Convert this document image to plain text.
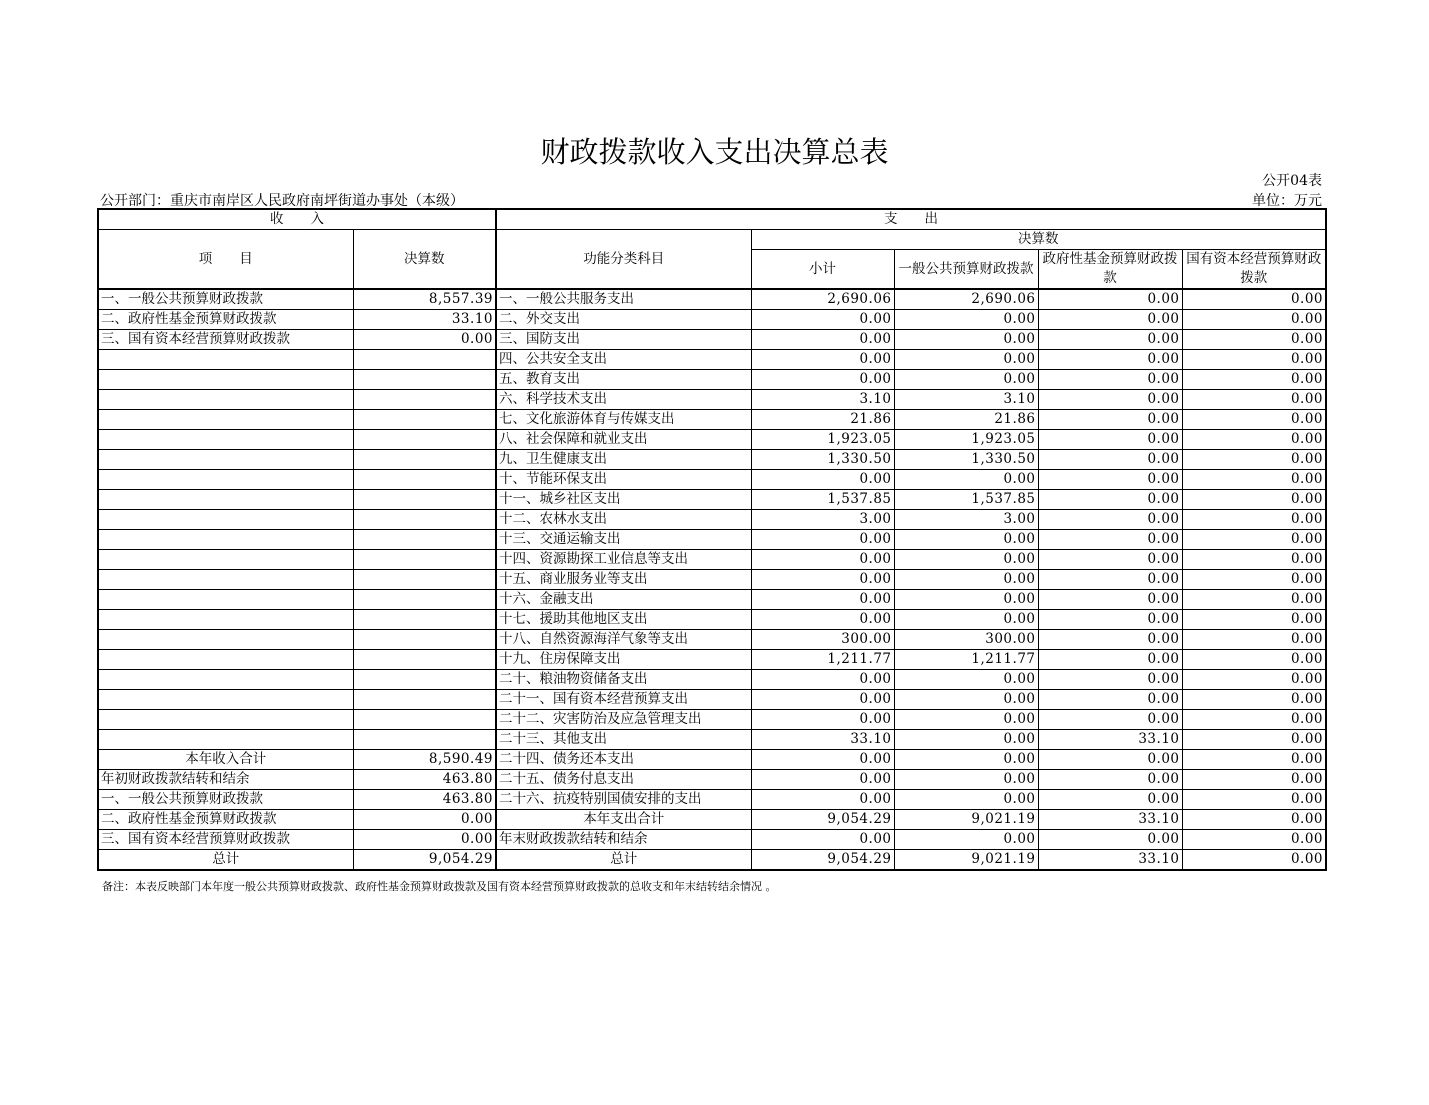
财政拨款收入支出决算总表
公开04表
公开部门：重庆市南岸区人民政府南坪街道办事处（本级）	单位：万元
收　　入		支　　出				
项　　目	决算数	功能分类科目	决算数			
			小计	一般公共预算财政拨款	政府性基金预算财政拨款	国有资本经营预算财政拨款
一、一般公共预算财政拨款	8,557.39	一、一般公共服务支出	2,690.06	2,690.06	0.00	0.00
二、政府性基金预算财政拨款	33.10	二、外交支出	0.00	0.00	0.00	0.00
三、国有资本经营预算财政拨款	0.00	三、国防支出	0.00	0.00	0.00	0.00
		四、公共安全支出	0.00	0.00	0.00	0.00
		五、教育支出	0.00	0.00	0.00	0.00
		六、科学技术支出	3.10	3.10	0.00	0.00
		七、文化旅游体育与传媒支出	21.86	21.86	0.00	0.00
		八、社会保障和就业支出	1,923.05	1,923.05	0.00	0.00
		九、卫生健康支出	1,330.50	1,330.50	0.00	0.00
		十、节能环保支出	0.00	0.00	0.00	0.00
		十一、城乡社区支出	1,537.85	1,537.85	0.00	0.00
		十二、农林水支出	3.00	3.00	0.00	0.00
		十三、交通运输支出	0.00	0.00	0.00	0.00
		十四、资源勘探工业信息等支出	0.00	0.00	0.00	0.00
		十五、商业服务业等支出	0.00	0.00	0.00	0.00
		十六、金融支出	0.00	0.00	0.00	0.00
		十七、援助其他地区支出	0.00	0.00	0.00	0.00
		十八、自然资源海洋气象等支出	300.00	300.00	0.00	0.00
		十九、住房保障支出	1,211.77	1,211.77	0.00	0.00
		二十、粮油物资储备支出	0.00	0.00	0.00	0.00
		二十一、国有资本经营预算支出	0.00	0.00	0.00	0.00
		二十二、灾害防治及应急管理支出	0.00	0.00	0.00	0.00
		二十三、其他支出	33.10	0.00	33.10	0.00
本年收入合计	8,590.49	二十四、债务还本支出	0.00	0.00	0.00	0.00
年初财政拨款结转和结余	463.80	二十五、债务付息支出	0.00	0.00	0.00	0.00
一、一般公共预算财政拨款	463.80	二十六、抗疫特别国债安排的支出	0.00	0.00	0.00	0.00
二、政府性基金预算财政拨款	0.00	本年支出合计	9,054.29	9,021.19	33.10	0.00
三、国有资本经营预算财政拨款	0.00	年末财政拨款结转和结余	0.00	0.00	0.00	0.00
总计	9,054.29	总计	9,054.29	9,021.19	33.10	0.00
备注：本表反映部门本年度一般公共预算财政拨款、政府性基金预算财政拨款及国有资本经营预算财政拨款的总收支和年末结转结余情况 。
